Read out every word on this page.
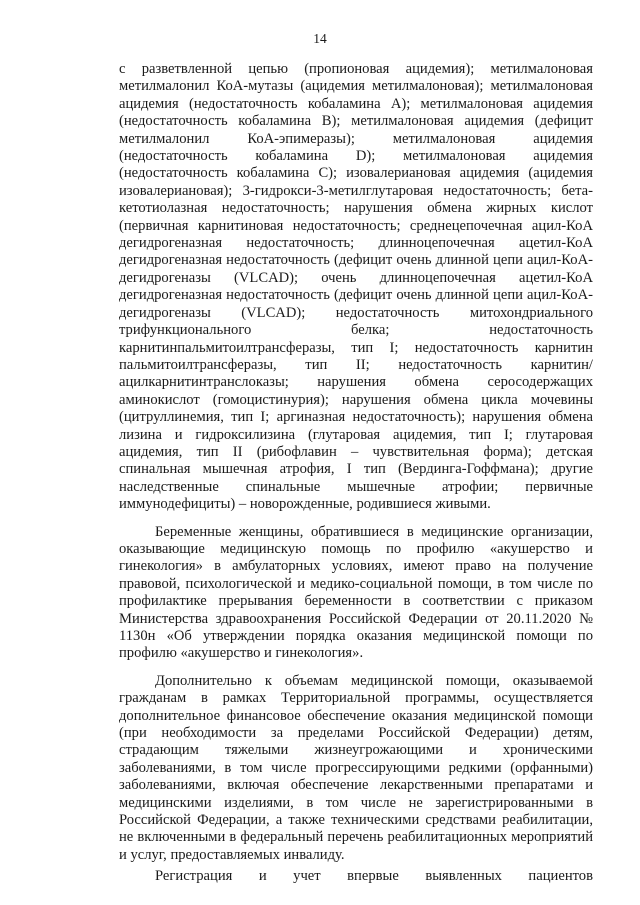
14

с разветвленной цепью (пропионовая ацидемия); метилмалоновая метилмалонил КоА-мутазы (ацидемия метилмалоновая); метилмалоновая ацидемия (недостаточность кобаламина А); метилмалоновая ацидемия (недостаточность кобаламина В); метилмалоновая ацидемия (дефицит метилмалонил КоА-эпимеразы); метилмалоновая ацидемия (недостаточность кобаламина D); метилмалоновая ацидемия (недостаточность кобаламина С); изовалериановая ацидемия (ацидемия изовалериановая); 3-гидрокси-3-метилглутаровая недостаточность; бета-кетотиолазная недостаточность; нарушения обмена жирных кислот (первичная карнитиновая недостаточность; среднецепочечная ацил-КоА дегидрогеназная недостаточность; длинноцепочечная ацетил-КоА дегидрогеназная недостаточность (дефицит очень длинной цепи ацил-КоА-дегидрогеназы (VLCAD); очень длинноцепочечная ацетил-КоА дегидрогеназная недостаточность (дефицит очень длинной цепи ацил-КоА-дегидрогеназы (VLCAD); недостаточность митохондриального трифункционального белка; недостаточность карнитинпальмитоилтрансферазы, тип I; недостаточность карнитин пальмитоилтрансферазы, тип II; недостаточность карнитин/ацилкарнитинтранслоказы; нарушения обмена серосодержащих аминокислот (гомоцистинурия); нарушения обмена цикла мочевины (цитруллинемия, тип I; аргиназная недостаточность); нарушения обмена лизина и гидроксилизина (глутаровая ацидемия, тип I; глутаровая ацидемия, тип II (рибофлавин – чувствительная форма); детская спинальная мышечная атрофия, I тип (Вердинга-Гоффмана); другие наследственные спинальные мышечные атрофии; первичные иммунодефициты) – новорожденные, родившиеся живыми.

Беременные женщины, обратившиеся в медицинские организации, оказывающие медицинскую помощь по профилю «акушерство и гинекология» в амбулаторных условиях, имеют право на получение правовой, психологической и медико-социальной помощи, в том числе по профилактике прерывания беременности в соответствии с приказом Министерства здравоохранения Российской Федерации от 20.11.2020 № 1130н «Об утверждении порядка оказания медицинской помощи по профилю «акушерство и гинекология».

Дополнительно к объемам медицинской помощи, оказываемой гражданам в рамках Территориальной программы, осуществляется дополнительное финансовое обеспечение оказания медицинской помощи (при необходимости за пределами Российской Федерации) детям, страдающим тяжелыми жизнеугрожающими и хроническими заболеваниями, в том числе прогрессирующими редкими (орфанными) заболеваниями, включая обеспечение лекарственными препаратами и медицинскими изделиями, в том числе не зарегистрированными в Российской Федерации, а также техническими средствами реабилитации, не включенными в федеральный перечень реабилитационных мероприятий и услуг, предоставляемых инвалиду.

Регистрация и учет впервые выявленных пациентов
